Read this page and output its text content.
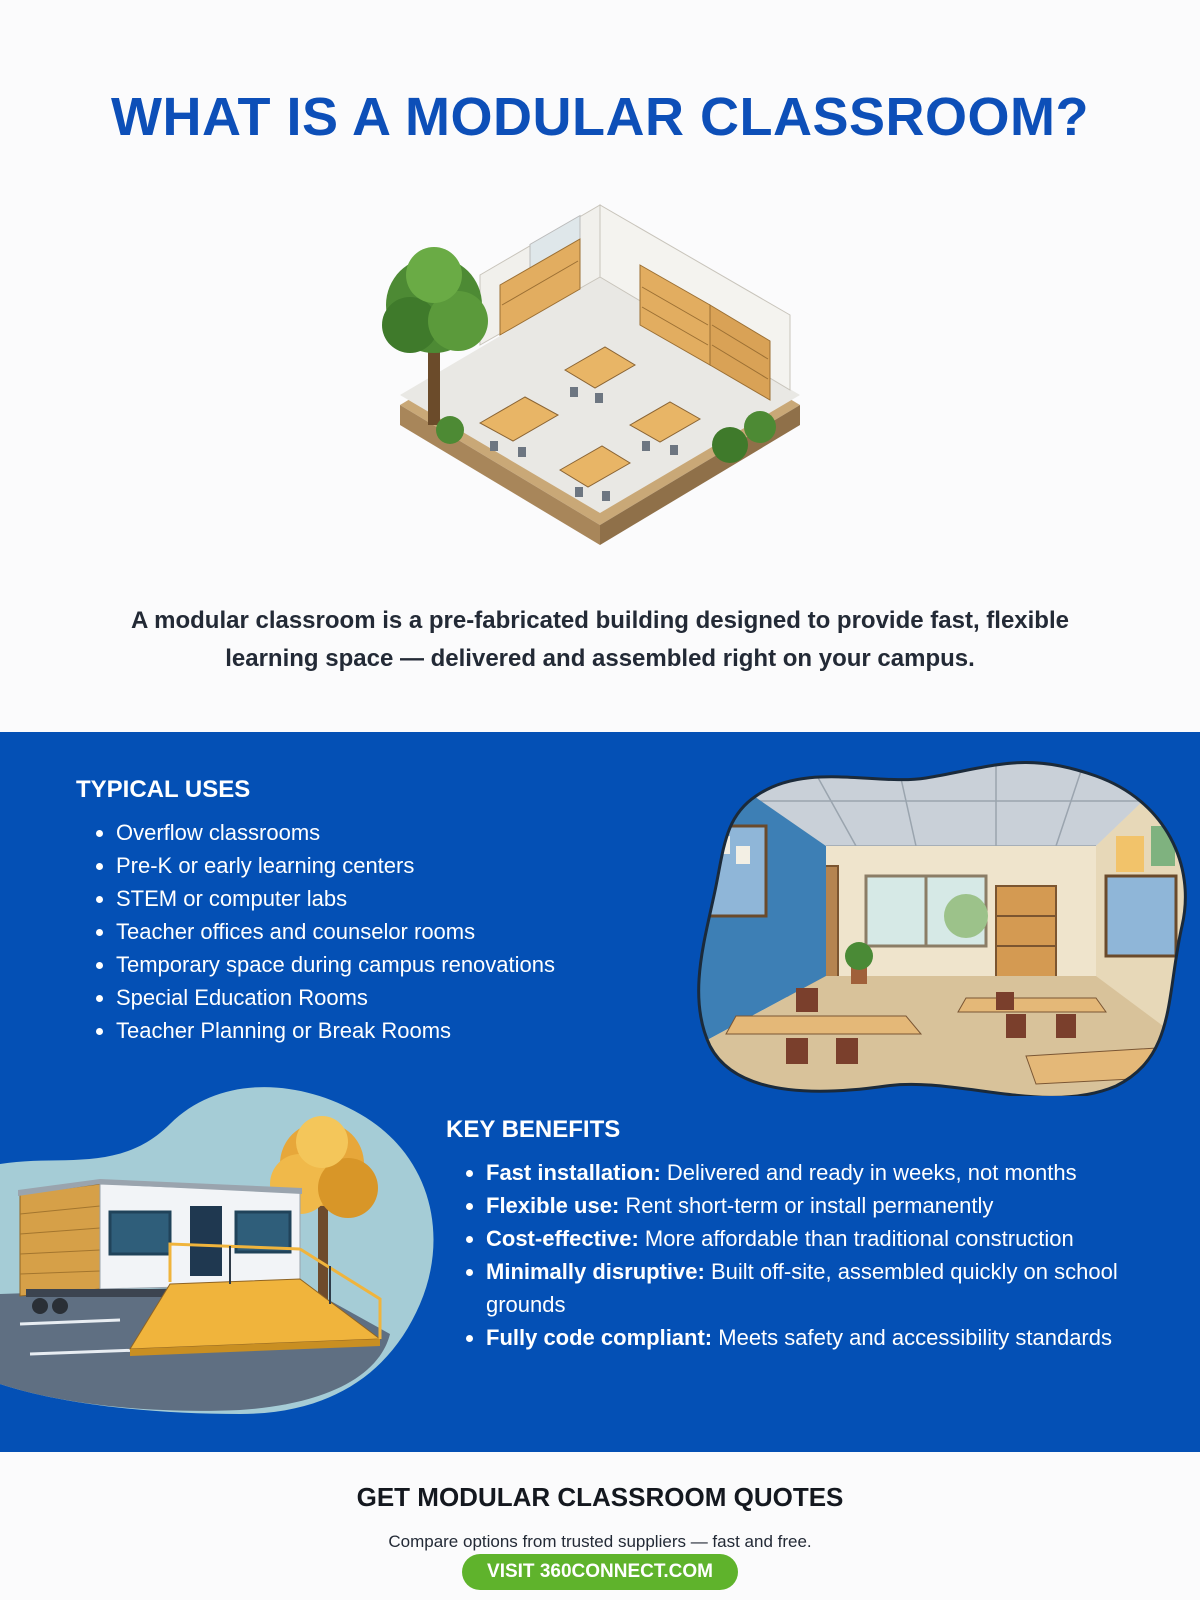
WHAT IS A MODULAR CLASSROOM?

A modular classroom is a pre-fabricated building designed to provide fast, flexible learning space — delivered and assembled right on your campus.

TYPICAL USES
Overflow classrooms
Pre-K or early learning centers
STEM or computer labs
Teacher offices and counselor rooms
Temporary space during campus renovations
Special Education Rooms
Teacher Planning or Break Rooms
KEY BENEFITS
Fast installation: Delivered and ready in weeks, not months
Flexible use: Rent short-term or install permanently
Cost-effective: More affordable than traditional construction
Minimally disruptive: Built off-site, assembled quickly on school grounds
Fully code compliant: Meets safety and accessibility standards
GET MODULAR CLASSROOM QUOTES

Compare options from trusted suppliers — fast and free.

VISIT 360CONNECT.COM
